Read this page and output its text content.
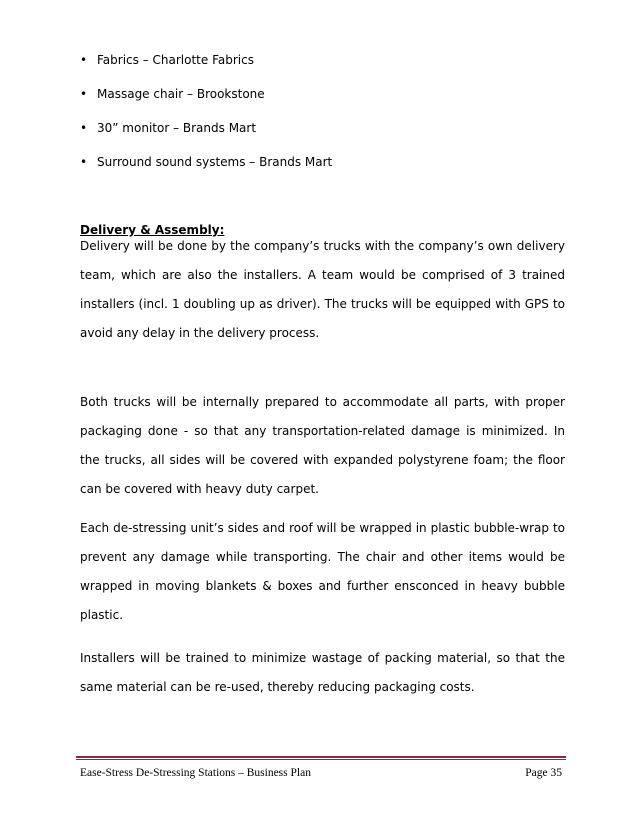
• Fabrics – Charlotte Fabrics
• Massage chair – Brookstone
• 30” monitor – Brands Mart
• Surround sound systems – Brands Mart
Delivery & Assembly:

Delivery will be done by the company’s trucks with the company’s own delivery team, which are also the installers. A team would be comprised of 3 trained installers (incl. 1 doubling up as driver). The trucks will be equipped with GPS to avoid any delay in the delivery process.

Both trucks will be internally prepared to accommodate all parts, with proper packaging done - so that any transportation-related damage is minimized. In the trucks, all sides will be covered with expanded polystyrene foam; the floor can be covered with heavy duty carpet.

Each de-stressing unit’s sides and roof will be wrapped in plastic bubble-wrap to prevent any damage while transporting. The chair and other items would be wrapped in moving blankets & boxes and further ensconced in heavy bubble plastic.

Installers will be trained to minimize wastage of packing material, so that the same material can be re-used, thereby reducing packaging costs.

Ease-Stress De-Stressing Stations – Business Plan	Page 35
